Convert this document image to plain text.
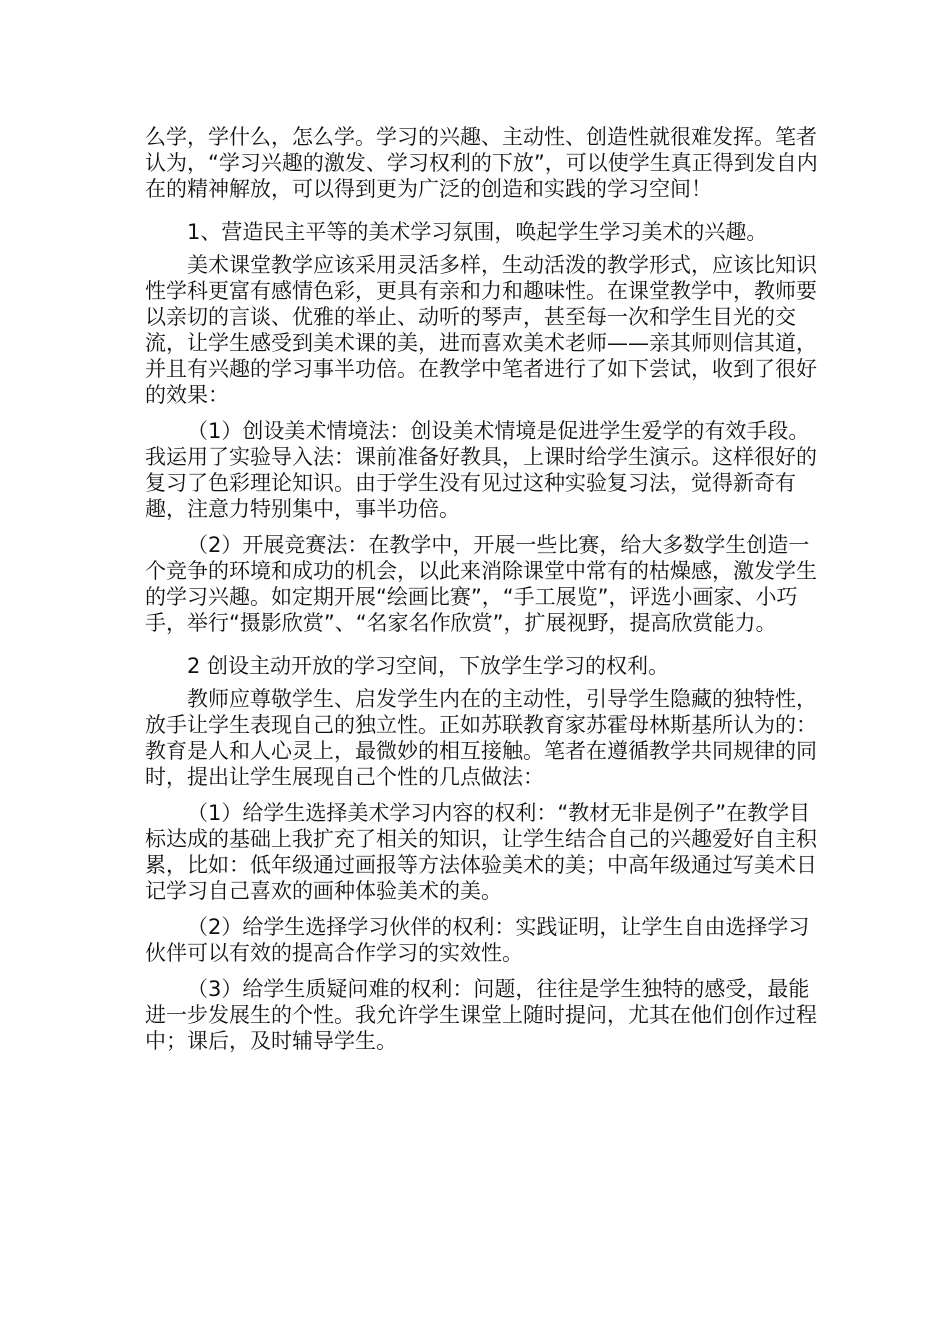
么学，学什么，怎么学。学习的兴趣、主动性、创造性就很难发挥。笔者认为，“学习兴趣的激发、学习权利的下放”，可以使学生真正得到发自内在的精神解放，可以得到更为广泛的创造和实践的学习空间！

1、营造民主平等的美术学习氛围，唤起学生学习美术的兴趣。

美术课堂教学应该采用灵活多样，生动活泼的教学形式，应该比知识性学科更富有感情色彩，更具有亲和力和趣味性。在课堂教学中，教师要以亲切的言谈、优雅的举止、动听的琴声，甚至每一次和学生目光的交流，让学生感受到美术课的美，进而喜欢美术老师——亲其师则信其道，并且有兴趣的学习事半功倍。在教学中笔者进行了如下尝试，收到了很好的效果：

（1）创设美术情境法：创设美术情境是促进学生爱学的有效手段。我运用了实验导入法：课前准备好教具，上课时给学生演示。这样很好的复习了色彩理论知识。由于学生没有见过这种实验复习法，觉得新奇有趣，注意力特别集中，事半功倍。

（2）开展竞赛法：在教学中，开展一些比赛，给大多数学生创造一个竞争的环境和成功的机会，以此来消除课堂中常有的枯燥感，激发学生的学习兴趣。如定期开展“绘画比赛”，“手工展览”，评选小画家、小巧手，举行“摄影欣赏”、“名家名作欣赏”，扩展视野，提高欣赏能力。

2 创设主动开放的学习空间，下放学生学习的权利。

教师应尊敬学生、启发学生内在的主动性，引导学生隐藏的独特性，放手让学生表现自己的独立性。正如苏联教育家苏霍母林斯基所认为的：教育是人和人心灵上，最微妙的相互接触。笔者在遵循教学共同规律的同时，提出让学生展现自己个性的几点做法：

（1）给学生选择美术学习内容的权利：“教材无非是例子”在教学目标达成的基础上我扩充了相关的知识，让学生结合自己的兴趣爱好自主积累，比如：低年级通过画报等方法体验美术的美；中高年级通过写美术日记学习自己喜欢的画种体验美术的美。

（2）给学生选择学习伙伴的权利：实践证明，让学生自由选择学习伙伴可以有效的提高合作学习的实效性。

（3）给学生质疑问难的权利：问题，往往是学生独特的感受，最能进一步发展生的个性。我允许学生课堂上随时提问，尤其在他们创作过程中；课后，及时辅导学生。
